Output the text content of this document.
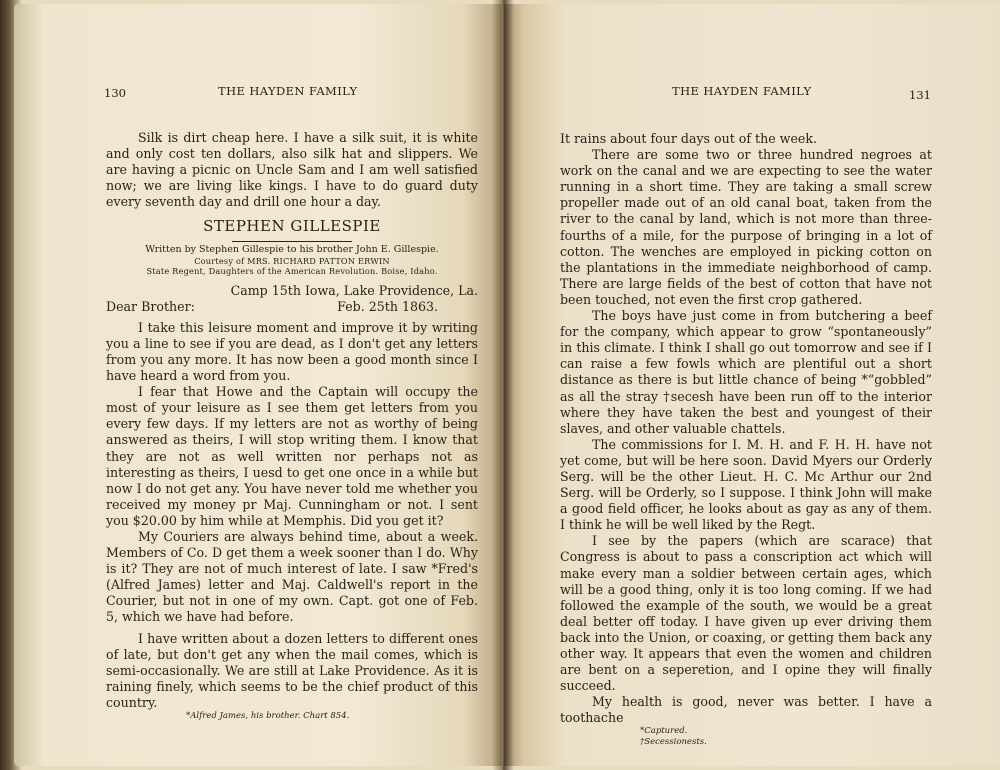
130	THE HAYDEN FAMILY

Silk is dirt cheap here. I have a silk suit, it is white and only cost ten dollars, also silk hat and slippers. We are having a picnic on Uncle Sam and I am well satisfied now; we are living like kings. I have to do guard duty every seventh day and drill one hour a day.

STEPHEN GILLESPIE
Written by Stephen Gillespie to his brother John E. Gillespie.
Courtesy of MRS. RICHARD PATTON ERWIN
State Regent, Daughters of the American Revolution. Boise, Idaho.
Camp 15th Iowa, Lake Providence, La.
Dear Brother:	Feb. 25th 1863.

I take this leisure moment and improve it by writing you a line to see if you are dead, as I don't get any letters from you any more. It has now been a good month since I have heard a word from you.

I fear that Howe and the Captain will occupy the most of your leisure as I see them get letters from you every few days. If my letters are not as worthy of being answered as theirs, I will stop writing them. I know that they are not as well written nor perhaps not as interesting as theirs, I uesd to get one once in a while but now I do not get any. You have never told me whether you received my money pr Maj. Cunningham or not. I sent you $20.00 by him while at Memphis. Did you get it?

My Couriers are always behind time, about a week. Members of Co. D get them a week sooner than I do. Why is it? They are not of much interest of late. I saw *Fred's (Alfred James) letter and Maj. Caldwell's report in the Courier, but not in one of my own. Capt. got one of Feb. 5, which we have had before.

I have written about a dozen letters to different ones of late, but don't get any when the mail comes, which is semi-occasionally. We are still at Lake Providence. As it is raining finely, which seems to be the chief product of this country.

*Alfred James, his brother. Chart 854.

THE HAYDEN FAMILY	131

It rains about four days out of the week.

There are some two or three hundred negroes at work on the canal and we are expecting to see the water running in a short time. They are taking a small screw propeller made out of an old canal boat, taken from the river to the canal by land, which is not more than three-fourths of a mile, for the purpose of bringing in a lot of cotton. The wenches are employed in picking cotton on the plantations in the immediate neighborhood of camp. There are large fields of the best of cotton that have not been touched, not even the first crop gathered.

The boys have just come in from butchering a beef for the company, which appear to grow “spontaneously” in this climate. I think I shall go out tomorrow and see if I can raise a few fowls which are plentiful out a short distance as there is but little chance of being *“gobbled” as all the stray †secesh have been run off to the interior where they have taken the best and youngest of their slaves, and other valuable chattels.

The commissions for I. M. H. and F. H. H. have not yet come, but will be here soon. David Myers our Orderly Serg. will be the other Lieut. H. C. Mc Arthur our 2nd Serg. will be Orderly, so I suppose. I think John will make a good field officer, he looks about as gay as any of them. I think he will be well liked by the Regt.

I see by the papers (which are scarace) that Congress is about to pass a conscription act which will make every man a soldier between certain ages, which will be a good thing, only it is too long coming. If we had followed the example of the south, we would be a great deal better off today. I have given up ever driving them back into the Union, or coaxing, or getting them back any other way. It appears that even the women and children are bent on a seperetion, and I opine they will finally succeed.

My health is good, never was better. I have a toothache

*Captured.

†Secessionests.
